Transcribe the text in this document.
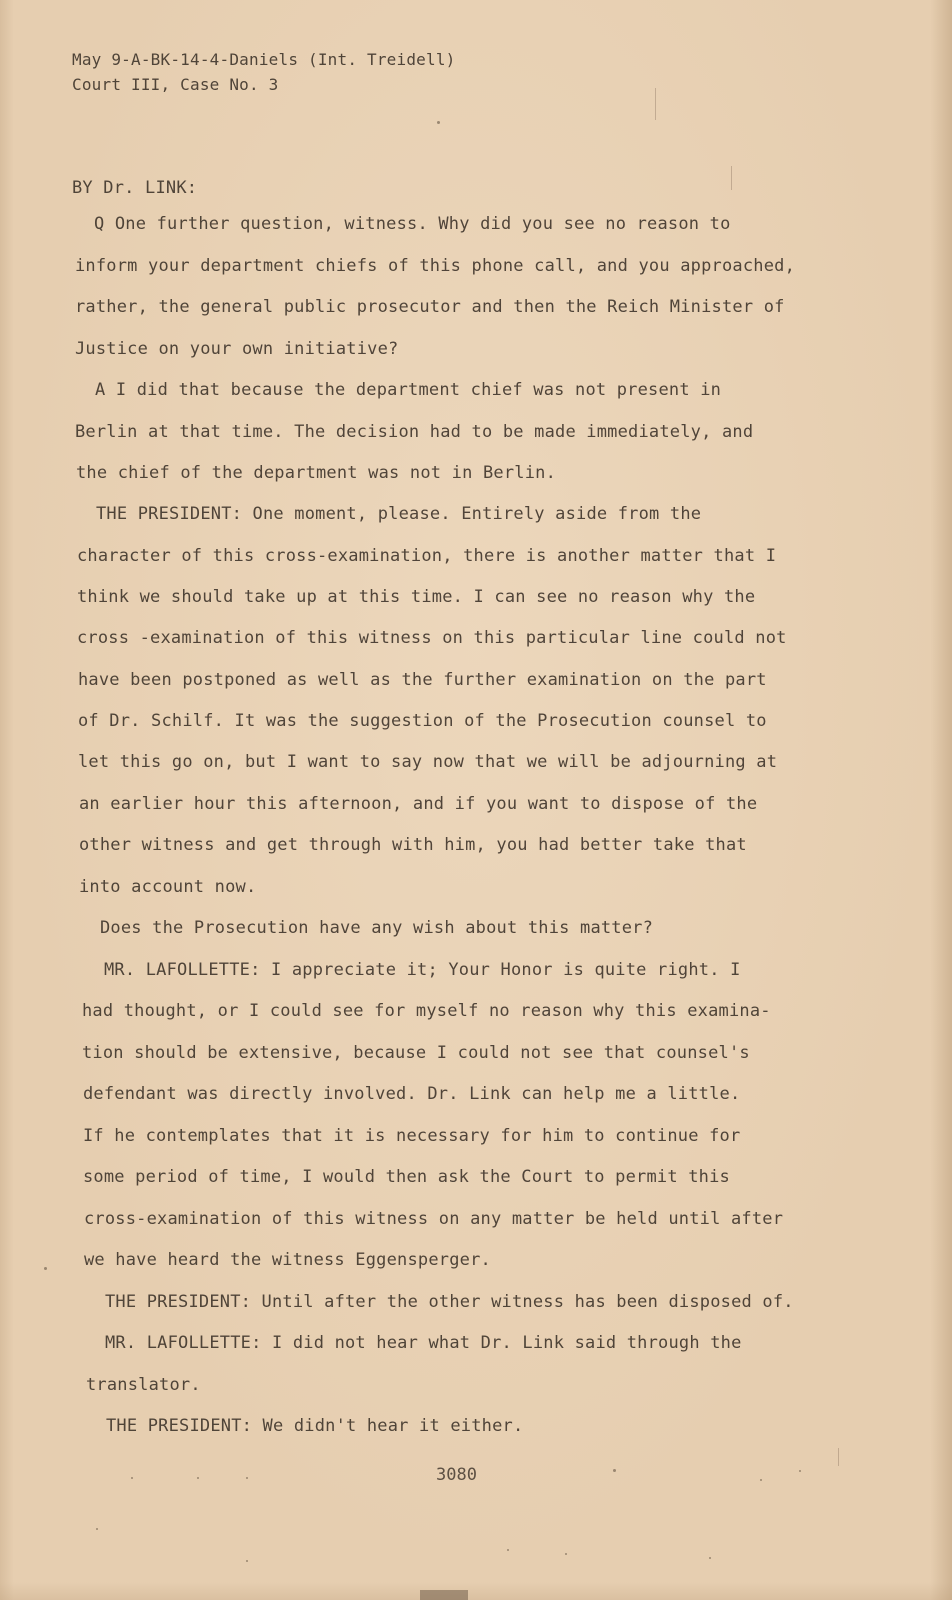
May 9-A-BK-14-4-Daniels (Int. Treidell)
Court III, Case No. 3
BY Dr. LINK:
Q One further question, witness. Why did you see no reason to
inform your department chiefs of this phone call, and you approached,
rather, the general public prosecutor and then the Reich Minister of
Justice on your own initiative?
A I did that because the department chief was not present in
Berlin at that time. The decision had to be made immediately, and
the chief of the department was not in Berlin.
THE PRESIDENT: One moment, please. Entirely aside from the
character of this cross-examination, there is another matter that I
think we should take up at this time. I can see no reason why the
cross -examination of this witness on this particular line could not
have been postponed as well as the further examination on the part
of Dr. Schilf. It was the suggestion of the Prosecution counsel to
let this go on, but I want to say now that we will be adjourning at
an earlier hour this afternoon, and if you want to dispose of the
other witness and get through with him, you had better take that
into account now.
Does the Prosecution have any wish about this matter?
MR. LAFOLLETTE: I appreciate it; Your Honor is quite right. I
had thought, or I could see for myself no reason why this examina-
tion should be extensive, because I could not see that counsel's
defendant was directly involved. Dr. Link can help me a little.
If he contemplates that it is necessary for him to continue for
some period of time, I would then ask the Court to permit this
cross-examination of this witness on any matter be held until after
we have heard the witness Eggensperger.
THE PRESIDENT: Until after the other witness has been disposed of.
MR. LAFOLLETTE: I did not hear what Dr. Link said through the
translator.
THE PRESIDENT: We didn't hear it either.
3080
